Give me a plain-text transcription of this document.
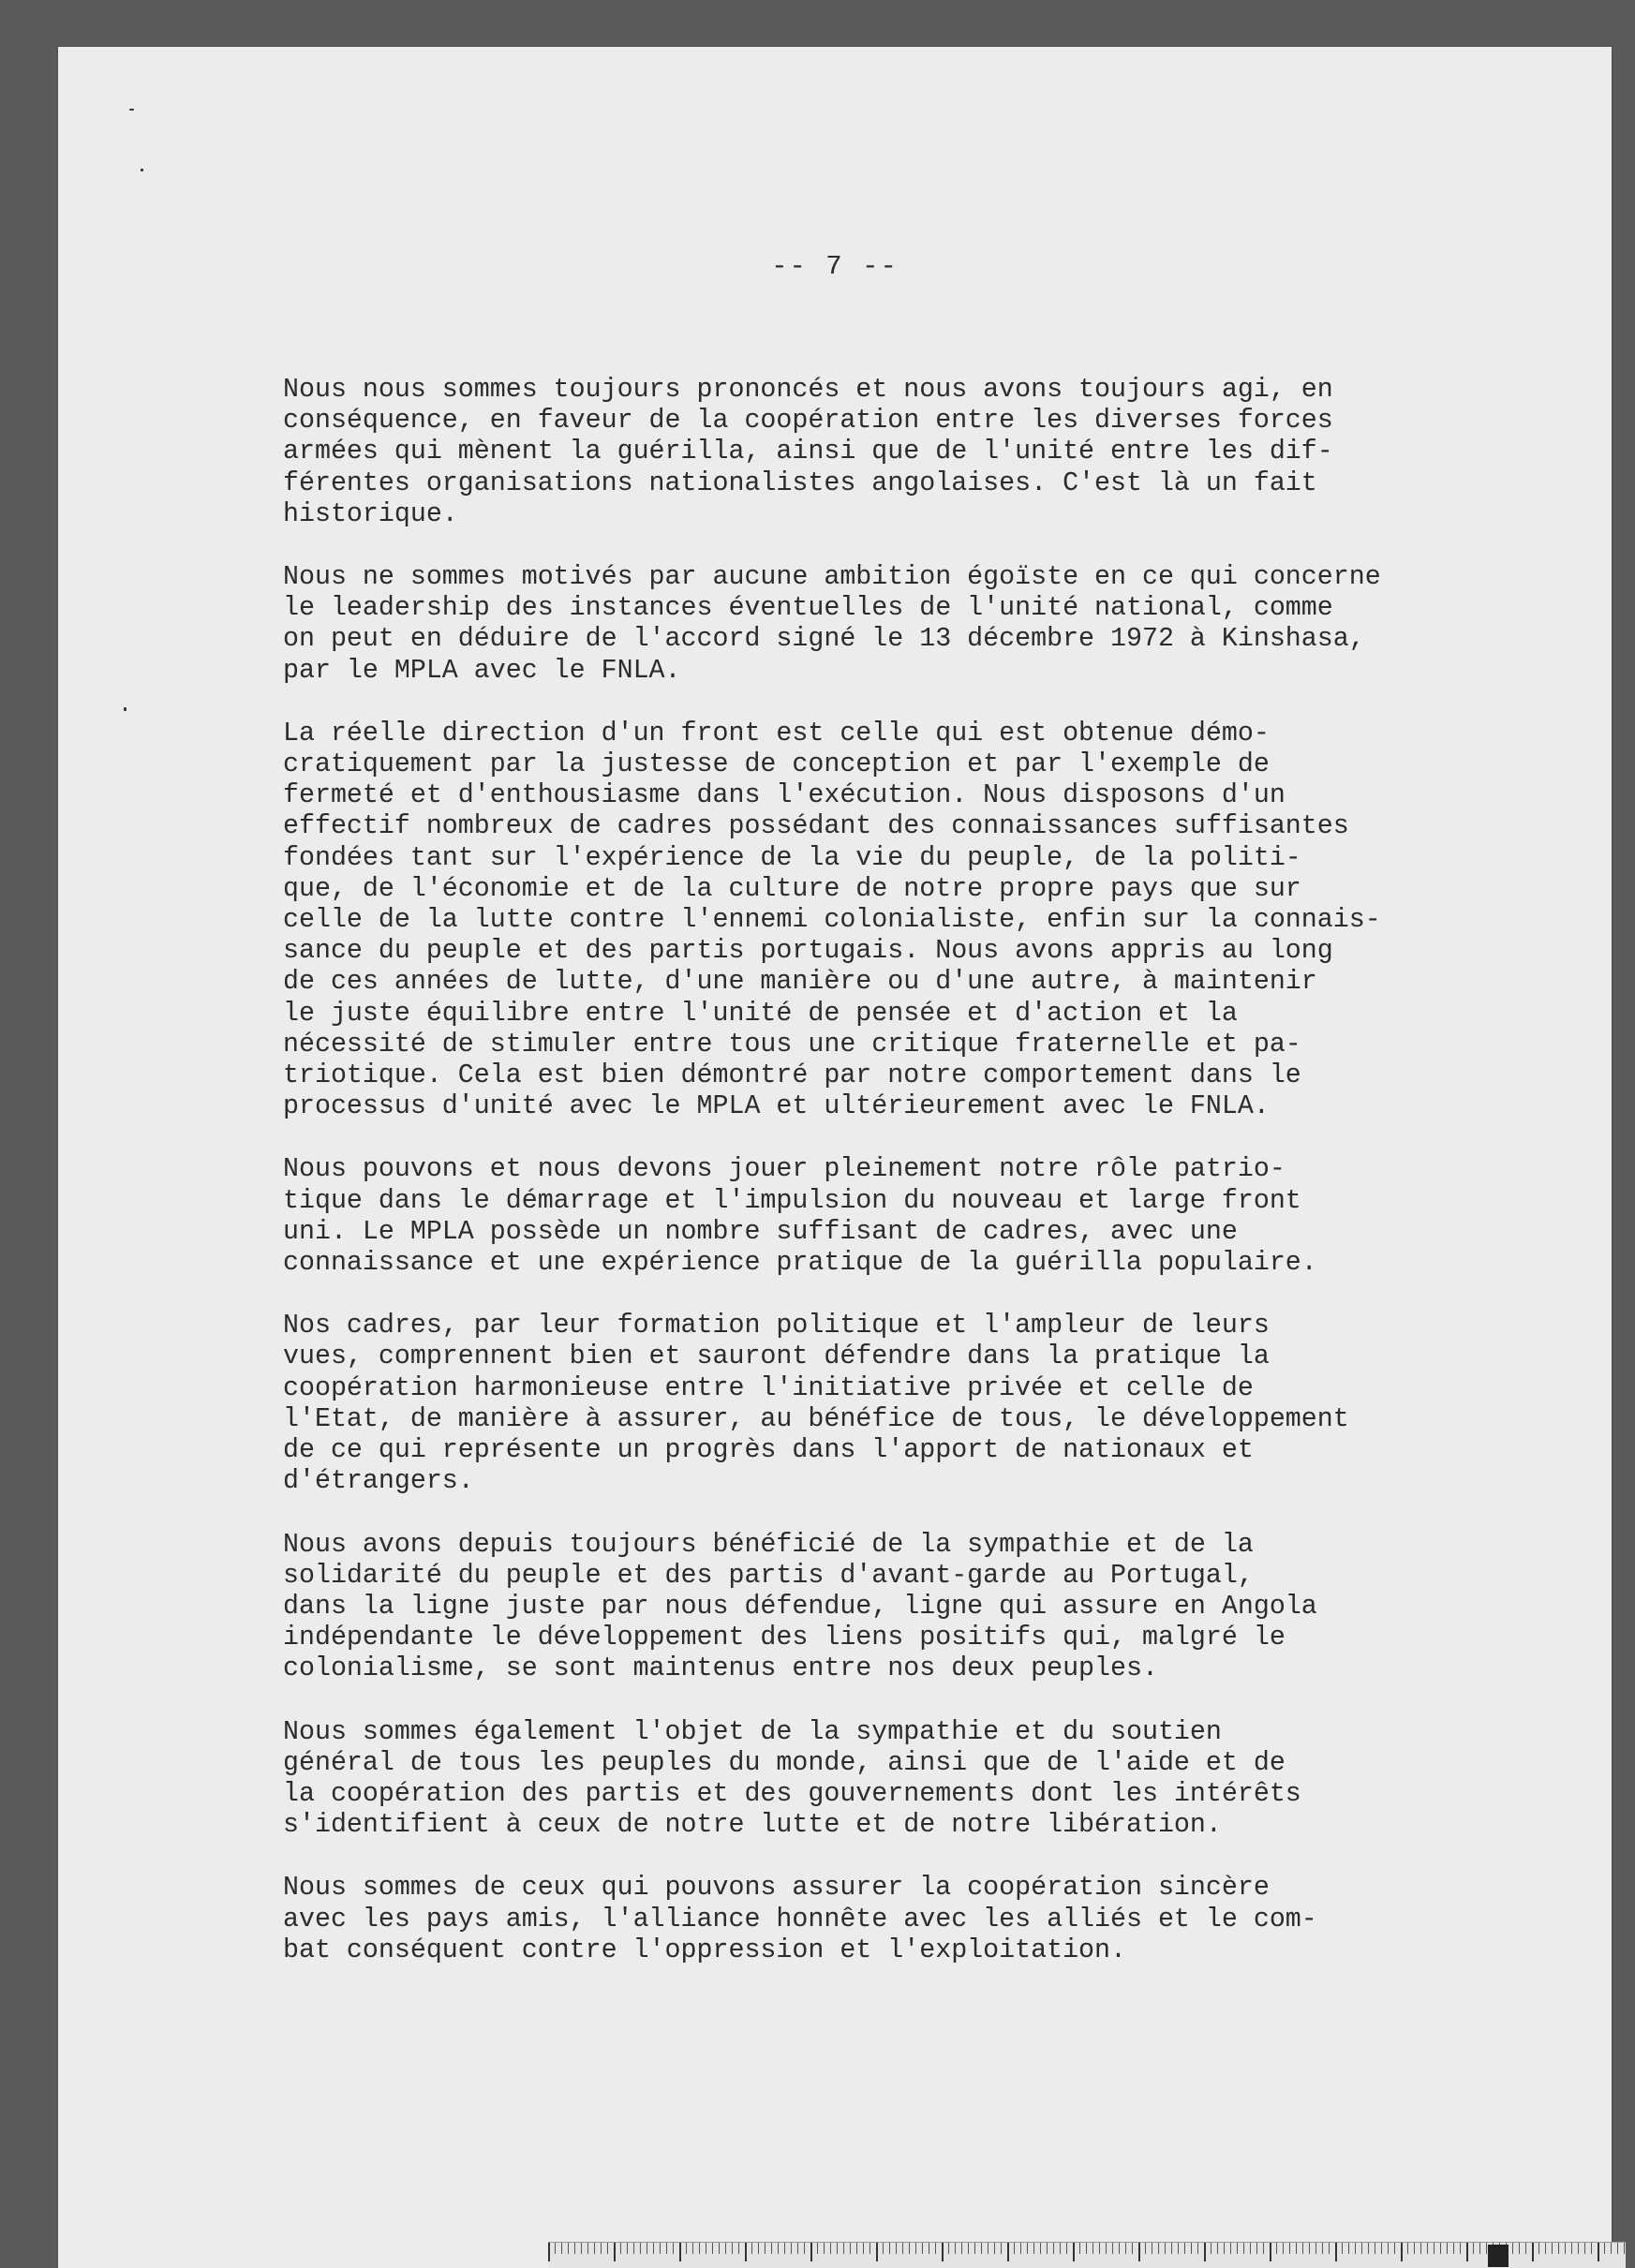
-- 7 --
Nous nous sommes toujours prononcés et nous avons toujours agi, en
conséquence, en faveur de la coopération entre les diverses forces
armées qui mènent la guérilla, ainsi que de l'unité entre les dif-
férentes organisations nationalistes angolaises. C'est là un fait
historique.
Nous ne sommes motivés par aucune ambition égoïste en ce qui concerne
le leadership des instances éventuelles de l'unité national, comme
on peut en déduire de l'accord signé le 13 décembre 1972 à Kinshasa,
par le MPLA avec le FNLA.
La réelle direction d'un front est celle qui est obtenue démo-
cratiquement par la justesse de conception et par l'exemple de
fermeté et d'enthousiasme dans l'exécution. Nous disposons d'un
effectif nombreux de cadres possédant des connaissances suffisantes
fondées tant sur l'expérience de la vie du peuple, de la politi-
que, de l'économie et de la culture de notre propre pays que sur
celle de la lutte contre l'ennemi colonialiste, enfin sur la connais-
sance du peuple et des partis portugais. Nous avons appris au long
de ces années de lutte, d'une manière ou d'une autre, à maintenir
le juste équilibre entre l'unité de pensée et d'action et la
nécessité de stimuler entre tous une critique fraternelle et pa-
triotique. Cela est bien démontré par notre comportement dans le
processus d'unité avec le MPLA et ultérieurement avec le FNLA.
Nous pouvons et nous devons jouer pleinement notre rôle patrio-
tique dans le démarrage et l'impulsion du nouveau et large front
uni. Le MPLA possède un nombre suffisant de cadres, avec une
connaissance et une expérience pratique de la guérilla populaire.
Nos cadres, par leur formation politique et l'ampleur de leurs
vues, comprennent bien et sauront défendre dans la pratique la
coopération harmonieuse entre l'initiative privée et celle de
l'Etat, de manière à assurer, au bénéfice de tous, le développement
de ce qui représente un progrès dans l'apport de nationaux et
d'étrangers.
Nous avons depuis toujours bénéficié de la sympathie et de la
solidarité du peuple et des partis d'avant-garde au Portugal,
dans la ligne juste par nous défendue, ligne qui assure en Angola
indépendante le développement des liens positifs qui, malgré le
colonialisme, se sont maintenus entre nos deux peuples.
Nous sommes également l'objet de la sympathie et du soutien
général de tous les peuples du monde, ainsi que de l'aide et de
la coopération des partis et des gouvernements dont les intérêts
s'identifient à ceux de notre lutte et de notre libération.
Nous sommes de ceux qui pouvons assurer la coopération sincère
avec les pays amis, l'alliance honnête avec les alliés et le com-
bat conséquent contre l'oppression et l'exploitation.
